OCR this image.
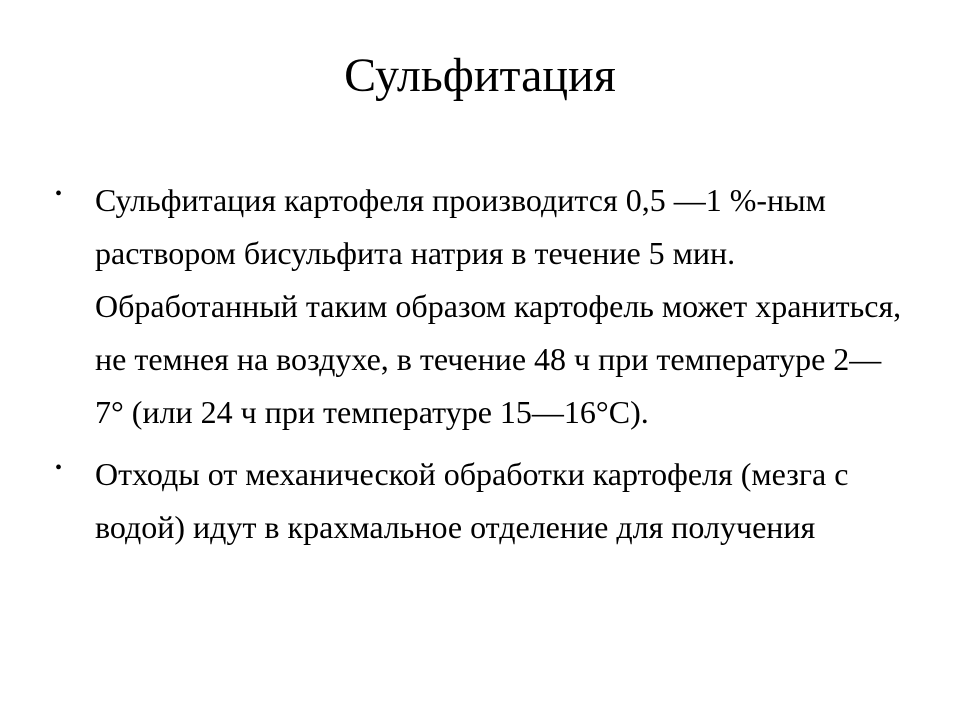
Сульфитация
• Сульфитация картофеля производится 0,5 —1 %-ным раствором бисульфита натрия в течение 5 мин. Обработанный таким образом картофель может храниться, не темнея на воздухе, в течение 48 ч при температуре 2—7° (или 24 ч при температуре 15—16°С).
• Отходы от механической обработки картофеля (мезга с водой) идут в крахмальное отделение для получения
